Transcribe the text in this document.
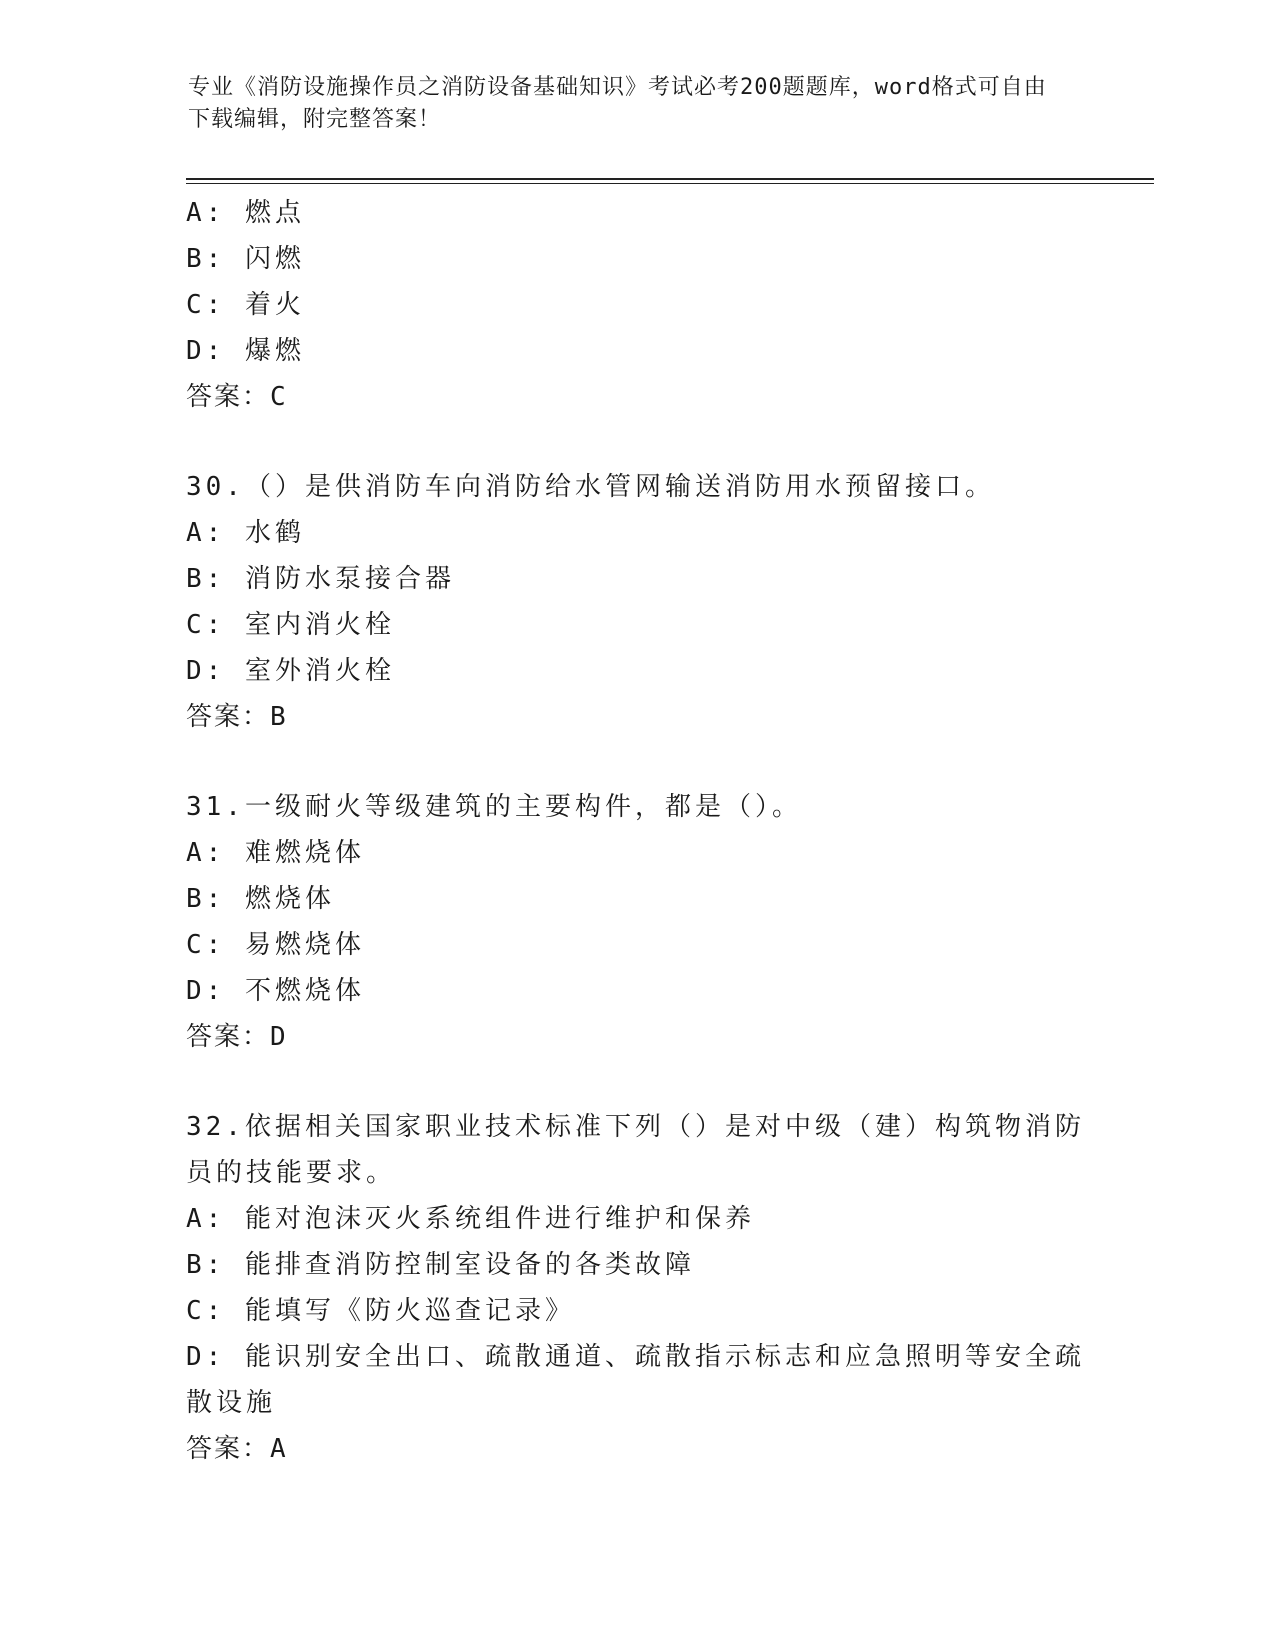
专业《消防设施操作员之消防设备基础知识》考试必考200题题库，word格式可自由下载编辑，附完整答案！
A: 燃点
B: 闪燃
C: 着火
D: 爆燃
答案：C
30.（）是供消防车向消防给水管网输送消防用水预留接口。
A: 水鹤
B: 消防水泵接合器
C: 室内消火栓
D: 室外消火栓
答案：B
31.一级耐火等级建筑的主要构件，都是（）。
A: 难燃烧体
B: 燃烧体
C: 易燃烧体
D: 不燃烧体
答案：D
32.依据相关国家职业技术标准下列（）是对中级（建）构筑物消防员的技能要求。
A: 能对泡沫灭火系统组件进行维护和保养
B: 能排查消防控制室设备的各类故障
C: 能填写《防火巡查记录》
D: 能识别安全出口、疏散通道、疏散指示标志和应急照明等安全疏散设施
答案：A
